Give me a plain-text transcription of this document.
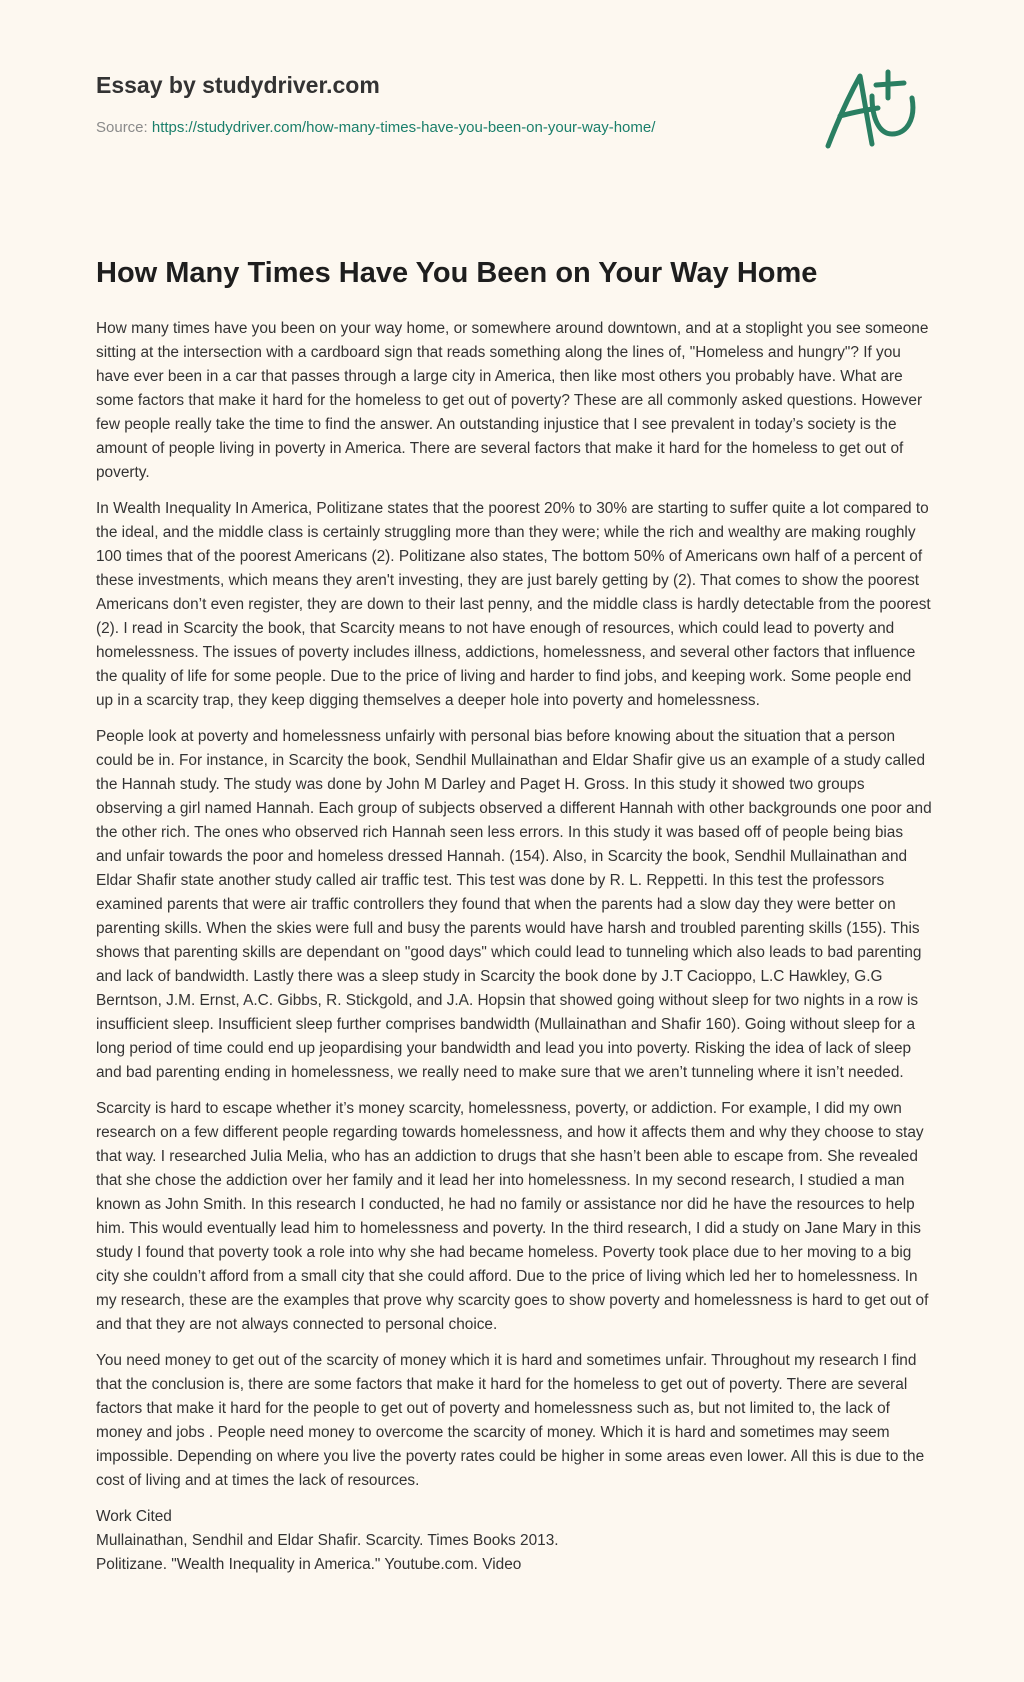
Essay by studydriver.com
Source: https://studydriver.com/how-many-times-have-you-been-on-your-way-home/
How Many Times Have You Been on Your Way Home

How many times have you been on your way home, or somewhere around downtown, and at a stoplight you see someone sitting at the intersection with a cardboard sign that reads something along the lines of, "Homeless and hungry"? If you have ever been in a car that passes through a large city in America, then like most others you probably have. What are some factors that make it hard for the homeless to get out of poverty? These are all commonly asked questions. However few people really take the time to find the answer. An outstanding injustice that I see prevalent in today’s society is the amount of people living in poverty in America. There are several factors that make it hard for the homeless to get out of poverty.

In Wealth Inequality In America, Politizane states that the poorest 20% to 30% are starting to suffer quite a lot compared to the ideal, and the middle class is certainly struggling more than they were; while the rich and wealthy are making roughly 100 times that of the poorest Americans (2). Politizane also states, The bottom 50% of Americans own half of a percent of these investments, which means they aren't investing, they are just barely getting by (2). That comes to show the poorest Americans don’t even register, they are down to their last penny, and the middle class is hardly detectable from the poorest (2). I read in Scarcity the book, that Scarcity means to not have enough of resources, which could lead to poverty and homelessness. The issues of poverty includes illness, addictions, homelessness, and several other factors that influence the quality of life for some people. Due to the price of living and harder to find jobs, and keeping work. Some people end up in a scarcity trap, they keep digging themselves a deeper hole into poverty and homelessness.

People look at poverty and homelessness unfairly with personal bias before knowing about the situation that a person could be in. For instance, in Scarcity the book, Sendhil Mullainathan and Eldar Shafir give us an example of a study called the Hannah study. The study was done by John M Darley and Paget H. Gross. In this study it showed two groups observing a girl named Hannah. Each group of subjects observed a different Hannah with other backgrounds one poor and the other rich. The ones who observed rich Hannah seen less errors. In this study it was based off of people being bias and unfair towards the poor and homeless dressed Hannah. (154). Also, in Scarcity the book, Sendhil Mullainathan and Eldar Shafir state another study called air traffic test. This test was done by R. L. Reppetti. In this test the professors examined parents that were air traffic controllers they found that when the parents had a slow day they were better on parenting skills. When the skies were full and busy the parents would have harsh and troubled parenting skills (155). This shows that parenting skills are dependant on "good days" which could lead to tunneling which also leads to bad parenting and lack of bandwidth. Lastly there was a sleep study in Scarcity the book done by J.T Cacioppo, L.C Hawkley, G.G Berntson, J.M. Ernst, A.C. Gibbs, R. Stickgold, and J.A. Hopsin that showed going without sleep for two nights in a row is insufficient sleep. Insufficient sleep further comprises bandwidth (Mullainathan and Shafir 160). Going without sleep for a long period of time could end up jeopardising your bandwidth and lead you into poverty. Risking the idea of lack of sleep and bad parenting ending in homelessness, we really need to make sure that we aren’t tunneling where it isn’t needed.

Scarcity is hard to escape whether it’s money scarcity, homelessness, poverty, or addiction. For example, I did my own research on a few different people regarding towards homelessness, and how it affects them and why they choose to stay that way. I researched Julia Melia, who has an addiction to drugs that she hasn’t been able to escape from. She revealed that she chose the addiction over her family and it lead her into homelessness. In my second research, I studied a man known as John Smith. In this research I conducted, he had no family or assistance nor did he have the resources to help him. This would eventually lead him to homelessness and poverty. In the third research, I did a study on Jane Mary in this study I found that poverty took a role into why she had became homeless. Poverty took place due to her moving to a big city she couldn’t afford from a small city that she could afford. Due to the price of living which led her to homelessness. In my research, these are the examples that prove why scarcity goes to show poverty and homelessness is hard to get out of and that they are not always connected to personal choice.

You need money to get out of the scarcity of money which it is hard and sometimes unfair. Throughout my research I find that the conclusion is, there are some factors that make it hard for the homeless to get out of poverty. There are several factors that make it hard for the people to get out of poverty and homelessness such as, but not limited to, the lack of money and jobs . People need money to overcome the scarcity of money. Which it is hard and sometimes may seem impossible. Depending on where you live the poverty rates could be higher in some areas even lower. All this is due to the cost of living and at times the lack of resources.

Work Cited
Mullainathan, Sendhil and Eldar Shafir. Scarcity. Times Books 2013.
Politizane. "Wealth Inequality in America." Youtube.com. Video
